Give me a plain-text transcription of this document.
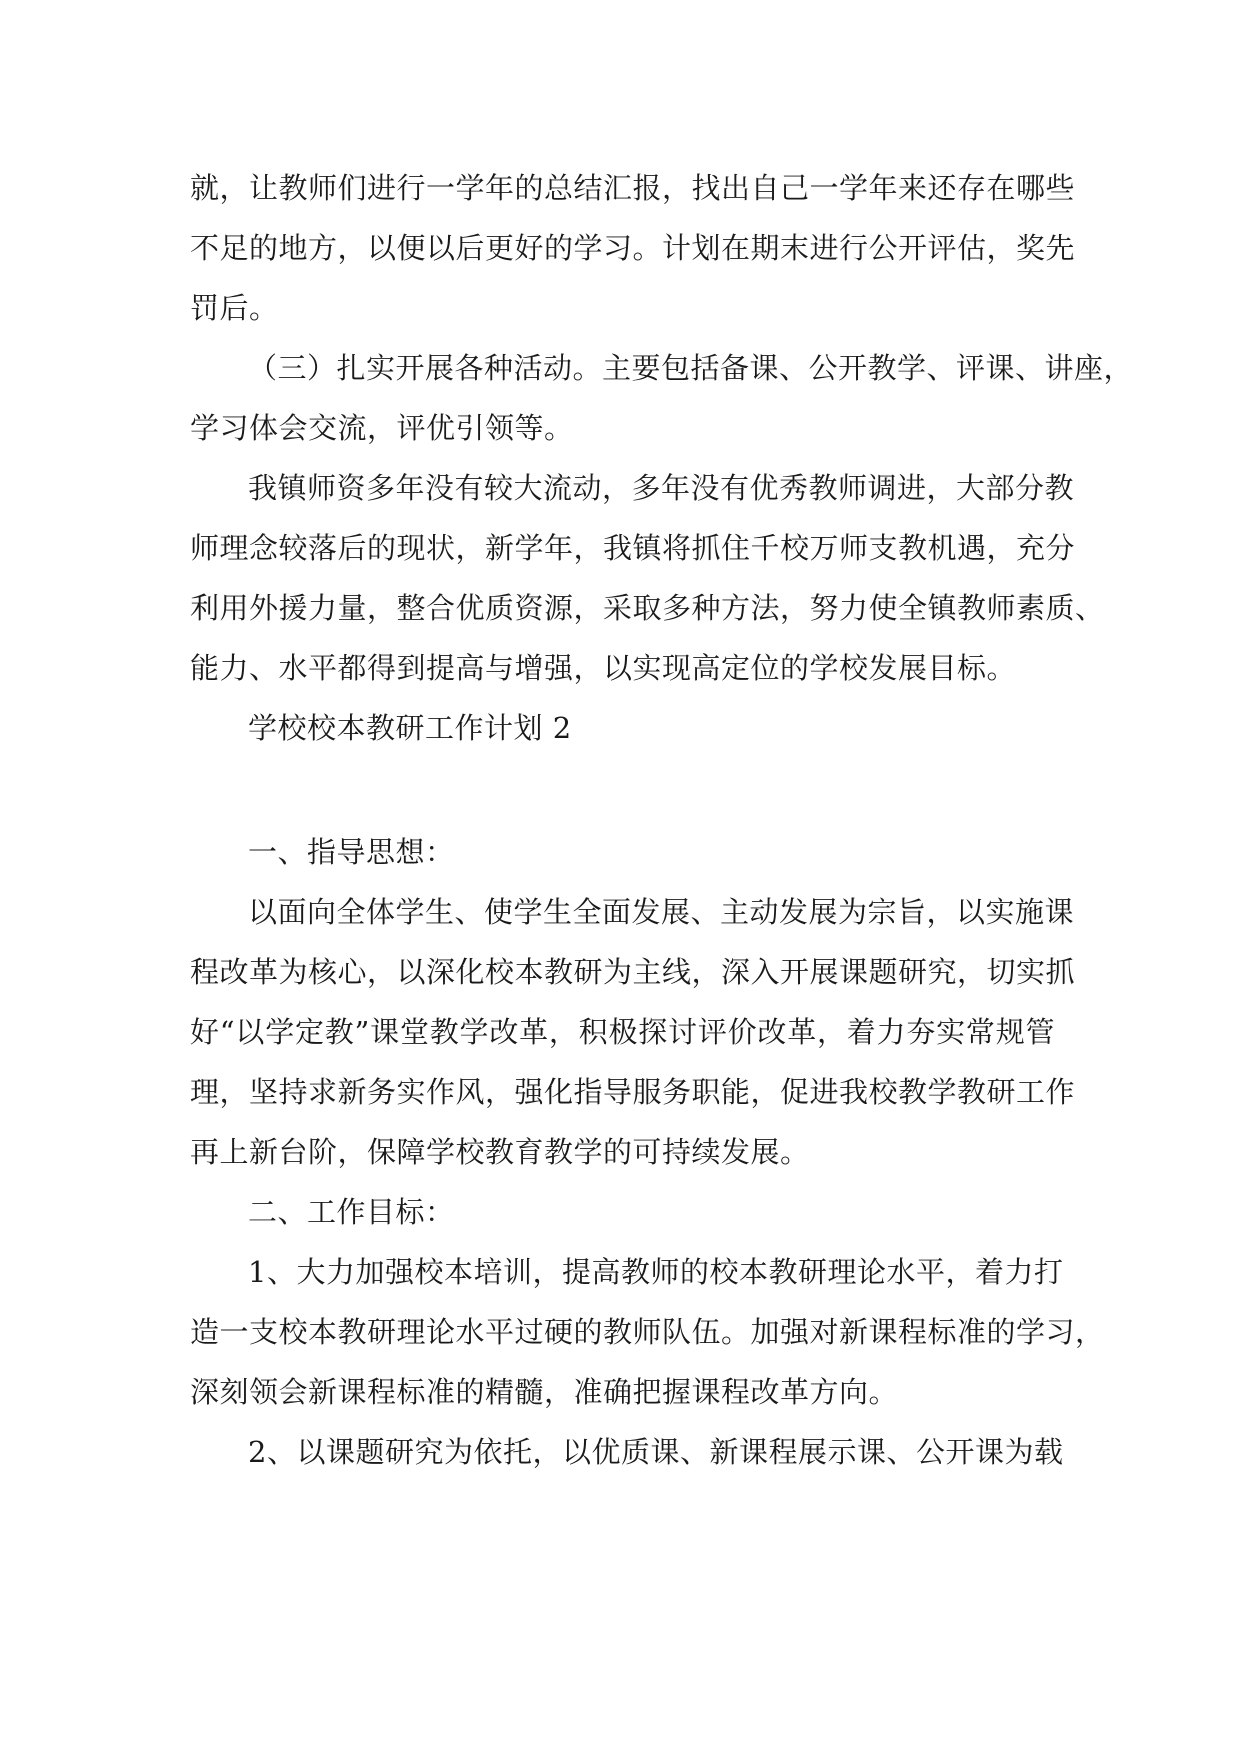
就，让教师们进行一学年的总结汇报，找出自己一学年来还存在哪些
不足的地方，以便以后更好的学习。计划在期末进行公开评估，奖先
罚后。
（三）扎实开展各种活动。主要包括备课、公开教学、评课、讲座，
学习体会交流，评优引领等。
我镇师资多年没有较大流动，多年没有优秀教师调进，大部分教
师理念较落后的现状，新学年，我镇将抓住千校万师支教机遇，充分
利用外援力量，整合优质资源，采取多种方法，努力使全镇教师素质、
能力、水平都得到提高与增强，以实现高定位的学校发展目标。
学校校本教研工作计划 2
一、指导思想：
以面向全体学生、使学生全面发展、主动发展为宗旨，以实施课
程改革为核心，以深化校本教研为主线，深入开展课题研究，切实抓
好“以学定教”课堂教学改革，积极探讨评价改革，着力夯实常规管
理，坚持求新务实作风，强化指导服务职能，促进我校教学教研工作
再上新台阶，保障学校教育教学的可持续发展。
二、工作目标：
1、大力加强校本培训，提高教师的校本教研理论水平，着力打
造一支校本教研理论水平过硬的教师队伍。加强对新课程标准的学习，
深刻领会新课程标准的精髓，准确把握课程改革方向。
2、以课题研究为依托，以优质课、新课程展示课、公开课为载
